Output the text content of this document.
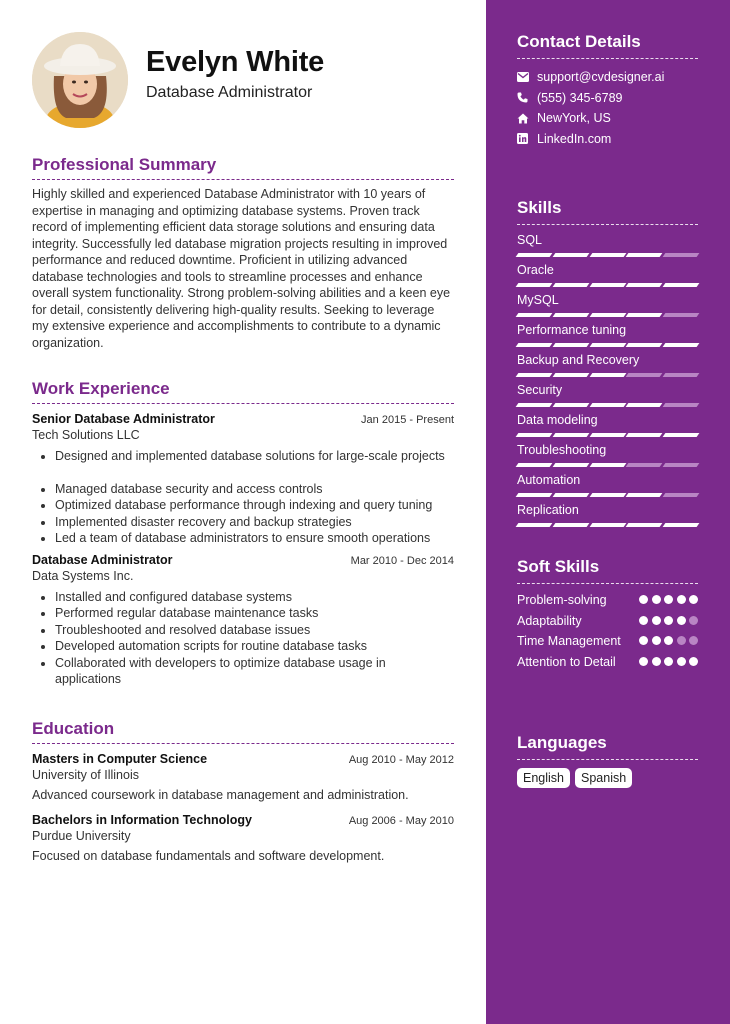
Evelyn White
Database Administrator
Professional Summary
Highly skilled and experienced Database Administrator with 10 years of expertise in managing and optimizing database systems. Proven track record of implementing efficient data storage solutions and ensuring data integrity. Successfully led database migration projects resulting in improved performance and reduced downtime. Proficient in utilizing advanced database technologies and tools to streamline processes and enhance overall system functionality. Strong problem-solving abilities and a keen eye for detail, consistently delivering high-quality results. Seeking to leverage my extensive experience and accomplishments to contribute to a dynamic organization.
Work Experience
Senior Database Administrator	Jan 2015 - Present
Tech Solutions LLC
Designed and implemented database solutions for large-scale projects
Managed database security and access controls
Optimized database performance through indexing and query tuning
Implemented disaster recovery and backup strategies
Led a team of database administrators to ensure smooth operations
Database Administrator	Mar 2010 - Dec 2014
Data Systems Inc.
Installed and configured database systems
Performed regular database maintenance tasks
Troubleshooted and resolved database issues
Developed automation scripts for routine database tasks
Collaborated with developers to optimize database usage in applications
Education
Masters in Computer Science	Aug 2010 - May 2012
University of Illinois
Advanced coursework in database management and administration.
Bachelors in Information Technology	Aug 2006 - May 2010
Purdue University
Focused on database fundamentals and software development.
Contact Details
support@cvdesigner.ai
(555) 345-6789
NewYork, US
LinkedIn.com
Skills
SQL
Oracle
MySQL
Performance tuning
Backup and Recovery
Security
Data modeling
Troubleshooting
Automation
Replication
Soft Skills
Problem-solving
Adaptability
Time Management
Attention to Detail
Languages
English	Spanish
